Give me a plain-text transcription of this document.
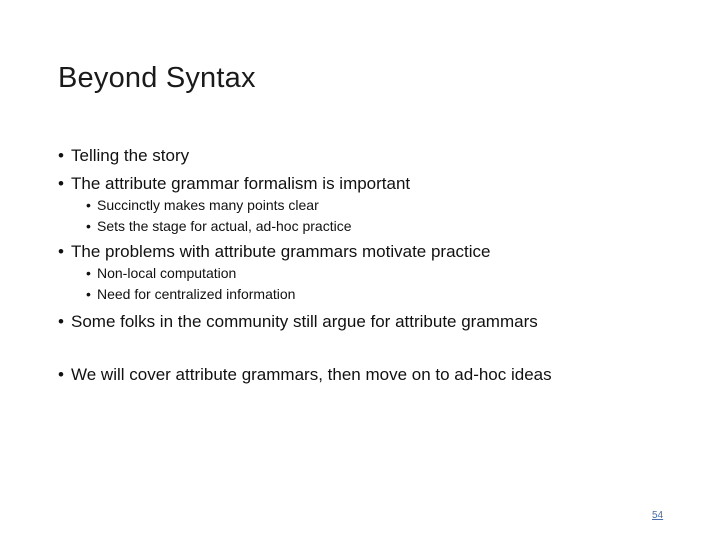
Beyond Syntax
• Telling the story
• The attribute grammar formalism is important
• Succinctly makes many points clear
• Sets the stage for actual, ad-hoc practice
• The problems with attribute grammars motivate practice
• Non-local computation
• Need for centralized information
• Some folks in the community still argue for attribute grammars
• We will cover attribute grammars, then move on to ad-hoc ideas
54
